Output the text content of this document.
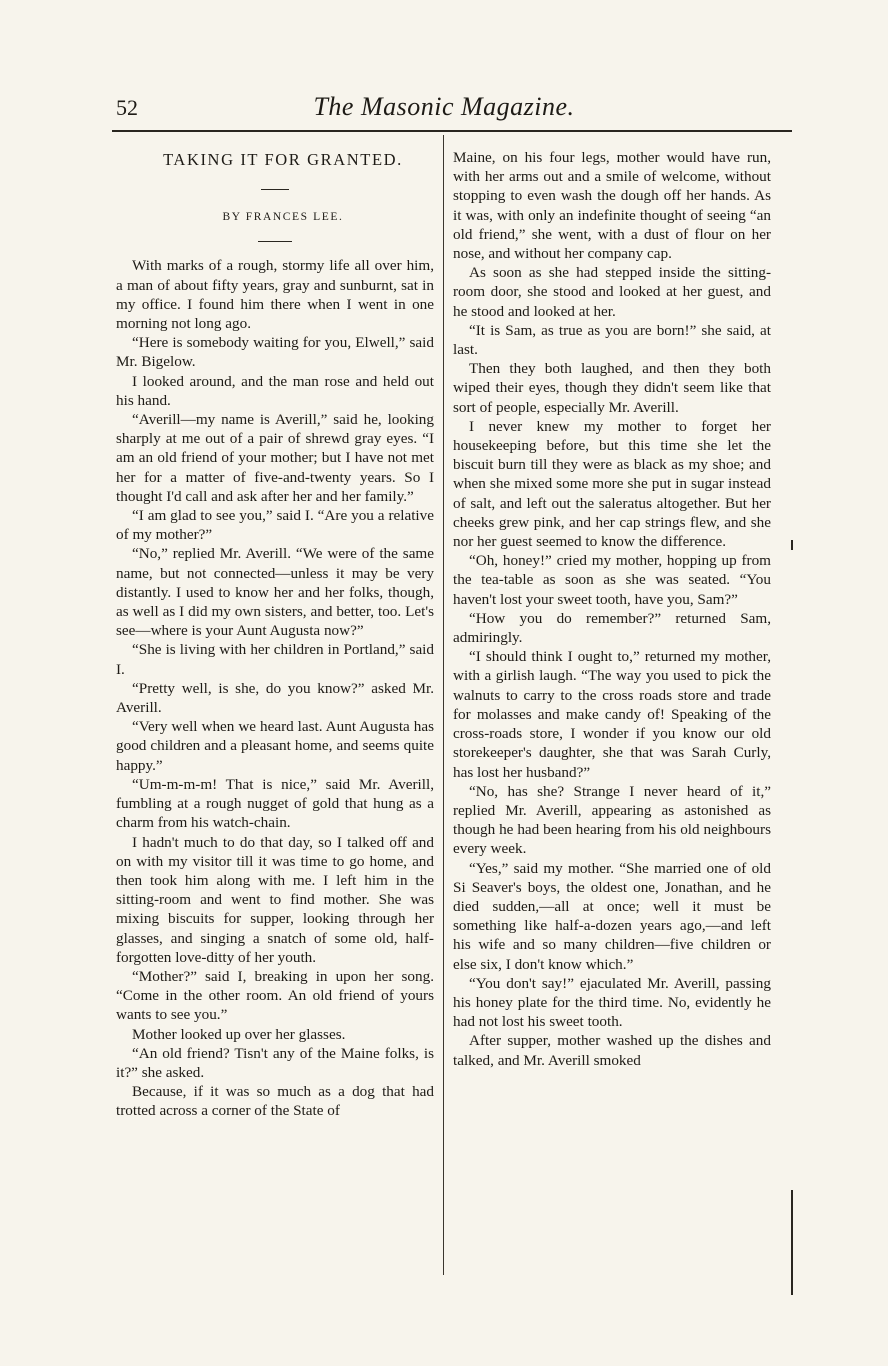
52	The Masonic Magazine.

TAKING IT FOR GRANTED.

BY FRANCES LEE.

With marks of a rough, stormy life all over him, a man of about fifty years, gray and sunburnt, sat in my office. I found him there when I went in one morning not long ago.

“Here is somebody waiting for you, Elwell,” said Mr. Bigelow.

I looked around, and the man rose and held out his hand.

“Averill—my name is Averill,” said he, looking sharply at me out of a pair of shrewd gray eyes. “I am an old friend of your mother; but I have not met her for a matter of five-and-twenty years. So I thought I'd call and ask after her and her family.”

“I am glad to see you,” said I. “Are you a relative of my mother?”

“No,” replied Mr. Averill. “We were of the same name, but not connected—unless it may be very distantly. I used to know her and her folks, though, as well as I did my own sisters, and better, too. Let's see—where is your Aunt Augusta now?”

“She is living with her children in Portland,” said I.

“Pretty well, is she, do you know?” asked Mr. Averill.

“Very well when we heard last. Aunt Augusta has good children and a pleasant home, and seems quite happy.”

“Um-m-m-m! That is nice,” said Mr. Averill, fumbling at a rough nugget of gold that hung as a charm from his watch-chain.

I hadn't much to do that day, so I talked off and on with my visitor till it was time to go home, and then took him along with me. I left him in the sitting-room and went to find mother. She was mixing biscuits for supper, looking through her glasses, and singing a snatch of some old, half-forgotten love-ditty of her youth.

“Mother?” said I, breaking in upon her song. “Come in the other room. An old friend of yours wants to see you.”

Mother looked up over her glasses.

“An old friend? Tisn't any of the Maine folks, is it?” she asked.

Because, if it was so much as a dog that had trotted across a corner of the State of

Maine, on his four legs, mother would have run, with her arms out and a smile of welcome, without stopping to even wash the dough off her hands. As it was, with only an indefinite thought of seeing “an old friend,” she went, with a dust of flour on her nose, and without her company cap.

As soon as she had stepped inside the sitting-room door, she stood and looked at her guest, and he stood and looked at her.

“It is Sam, as true as you are born!” she said, at last.

Then they both laughed, and then they both wiped their eyes, though they didn't seem like that sort of people, especially Mr. Averill.

I never knew my mother to forget her housekeeping before, but this time she let the biscuit burn till they were as black as my shoe; and when she mixed some more she put in sugar instead of salt, and left out the saleratus altogether. But her cheeks grew pink, and her cap strings flew, and she nor her guest seemed to know the difference.

“Oh, honey!” cried my mother, hopping up from the tea-table as soon as she was seated. “You haven't lost your sweet tooth, have you, Sam?”

“How you do remember?” returned Sam, admiringly.

“I should think I ought to,” returned my mother, with a girlish laugh. “The way you used to pick the walnuts to carry to the cross roads store and trade for molasses and make candy of! Speaking of the cross-roads store, I wonder if you know our old storekeeper's daughter, she that was Sarah Curly, has lost her husband?”

“No, has she? Strange I never heard of it,” replied Mr. Averill, appearing as astonished as though he had been hearing from his old neighbours every week.

“Yes,” said my mother. “She married one of old Si Seaver's boys, the oldest one, Jonathan, and he died sudden,—all at once; well it must be something like half-a-dozen years ago,—and left his wife and so many children—five children or else six, I don't know which.”

“You don't say!” ejaculated Mr. Averill, passing his honey plate for the third time. No, evidently he had not lost his sweet tooth.

After supper, mother washed up the dishes and talked, and Mr. Averill smoked
